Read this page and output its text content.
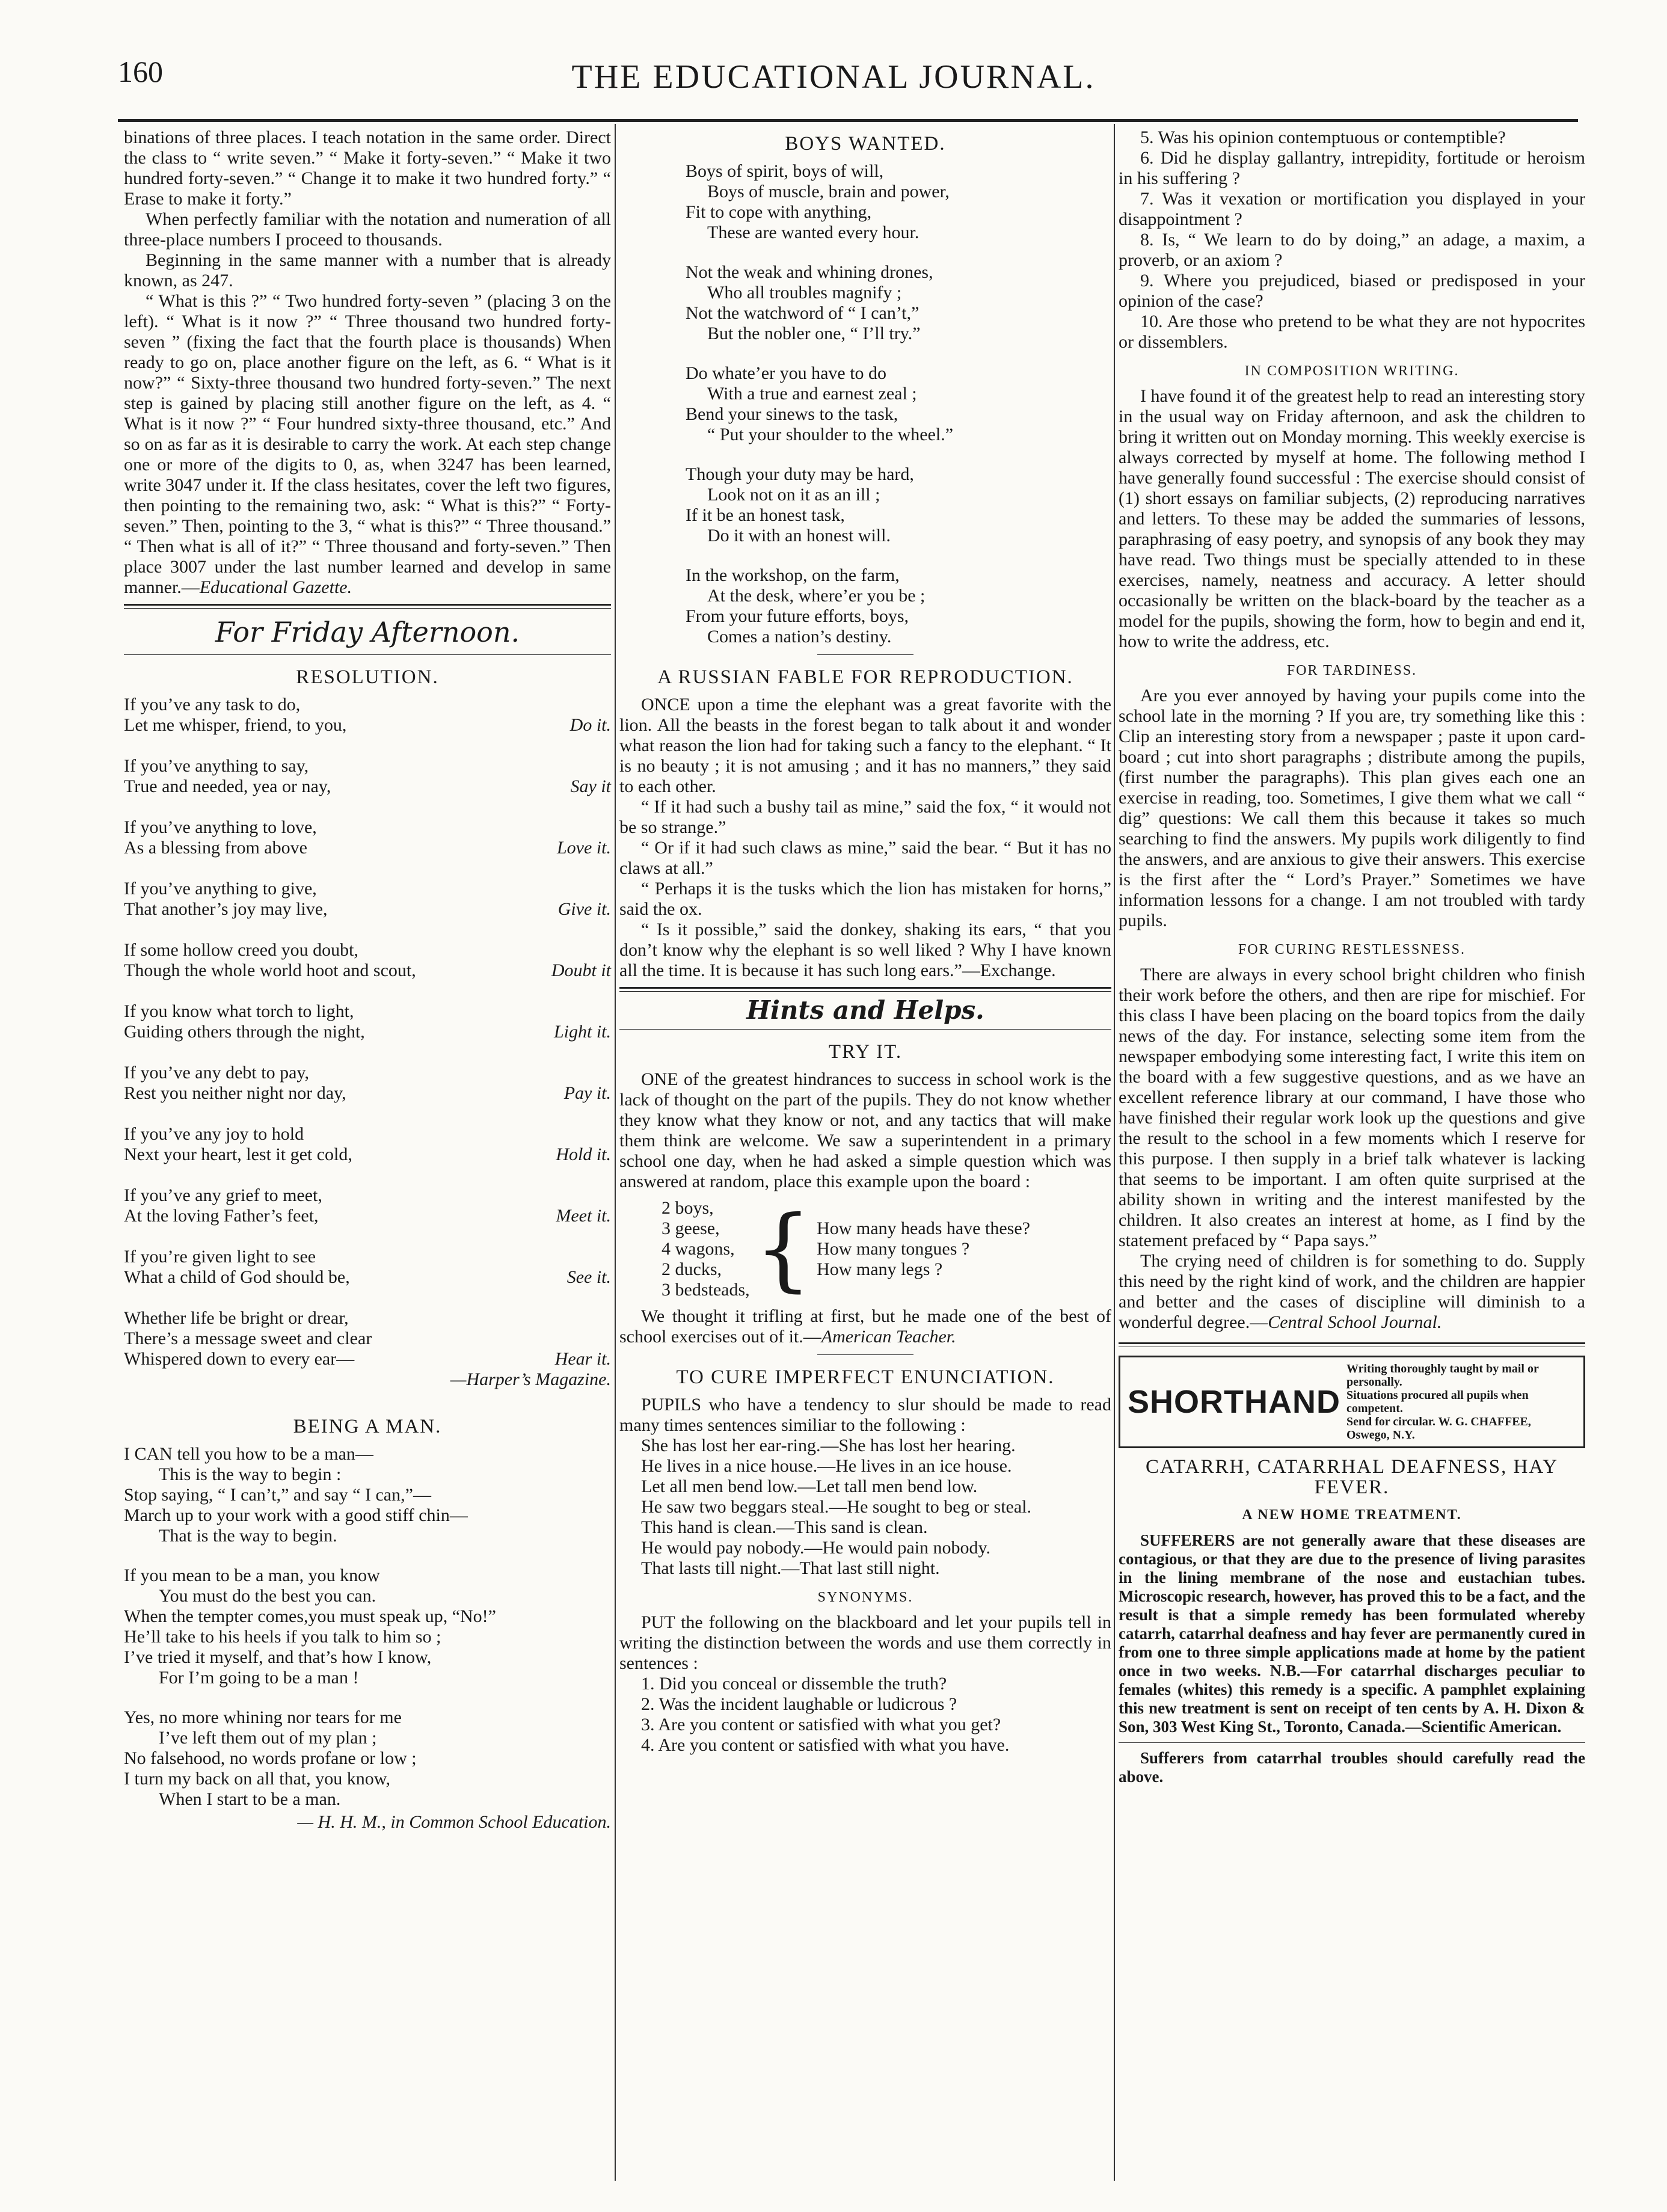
160	THE EDUCATIONAL JOURNAL.

binations of three places. I teach notation in the same order. Direct the class to “ write seven.” “ Make it forty-seven.” “ Make it two hundred forty-seven.” “ Change it to make it two hundred forty.” “ Erase to make it forty.”

When perfectly familiar with the notation and numeration of all three-place numbers I proceed to thousands.

Beginning in the same manner with a number that is already known, as 247.

“ What is this ?” “ Two hundred forty-seven ” (placing 3 on the left). “ What is it now ?” “ Three thousand two hundred forty-seven ” (fixing the fact that the fourth place is thousands) When ready to go on, place another figure on the left, as 6. “ What is it now?” “ Sixty-three thousand two hundred forty-seven.” The next step is gained by placing still another figure on the left, as 4. “ What is it now ?” “ Four hundred sixty-three thousand, etc.” And so on as far as it is desirable to carry the work. At each step change one or more of the digits to 0, as, when 3247 has been learned, write 3047 under it. If the class hesitates, cover the left two figures, then pointing to the remaining two, ask: “ What is this?” “ Forty-seven.” Then, pointing to the 3, “ what is this?” “ Three thousand.” “ Then what is all of it?” “ Three thousand and forty-seven.” Then place 3007 under the last number learned and develop in same manner.—Educational Gazette.

For Friday Afternoon.
RESOLUTION.
If you’ve any task to do,
Let me whisper, friend, to you,	Do it.
If you’ve anything to say,
True and needed, yea or nay,	Say it
If you’ve anything to love,
As a blessing from above	Love it.
If you’ve anything to give,
That another’s joy may live,	Give it.
If some hollow creed you doubt,
Though the whole world hoot and scout,	Doubt it
If you know what torch to light,
Guiding others through the night,	Light it.
If you’ve any debt to pay,
Rest you neither night nor day,	Pay it.
If you’ve any joy to hold
Next your heart, lest it get cold,	Hold it.
If you’ve any grief to meet,
At the loving Father’s feet,	Meet it.
If you’re given light to see
What a child of God should be,	See it.
Whether life be bright or drear,
There’s a message sweet and clear
Whispered down to every ear—	Hear it.
—Harper’s Magazine.
BEING A MAN.
I CAN tell you how to be a man—
This is the way to begin :
Stop saying, “ I can’t,” and say “ I can,”—
March up to your work with a good stiff chin—
That is the way to begin.
If you mean to be a man, you know
You must do the best you can.
When the tempter comes,you must speak up, “No!”
He’ll take to his heels if you talk to him so ;
I’ve tried it myself, and that’s how I know,
For I’m going to be a man !
Yes, no more whining nor tears for me
I’ve left them out of my plan ;
No falsehood, no words profane or low ;
I turn my back on all that, you know,
When I start to be a man.
— H. H. M., in Common School Education.
BOYS WANTED.
Boys of spirit, boys of will,
Boys of muscle, brain and power,
Fit to cope with anything,
These are wanted every hour.
Not the weak and whining drones,
Who all troubles magnify ;
Not the watchword of “ I can’t,”
But the nobler one, “ I’ll try.”
Do whate’er you have to do
With a true and earnest zeal ;
Bend your sinews to the task,
“ Put your shoulder to the wheel.”
Though your duty may be hard,
Look not on it as an ill ;
If it be an honest task,
Do it with an honest will.
In the workshop, on the farm,
At the desk, where’er you be ;
From your future efforts, boys,
Comes a nation’s destiny.
A RUSSIAN FABLE FOR REPRODUCTION.

ONCE upon a time the elephant was a great favorite with the lion. All the beasts in the forest began to talk about it and wonder what reason the lion had for taking such a fancy to the elephant. “ It is no beauty ; it is not amusing ; and it has no manners,” they said to each other.

“ If it had such a bushy tail as mine,” said the fox, “ it would not be so strange.”

“ Or if it had such claws as mine,” said the bear. “ But it has no claws at all.”

“ Perhaps it is the tusks which the lion has mistaken for horns,” said the ox.

“ Is it possible,” said the donkey, shaking its ears, “ that you don’t know why the elephant is so well liked ? Why I have known all the time. It is because it has such long ears.”—Exchange.

Hints and Helps.
TRY IT.

ONE of the greatest hindrances to success in school work is the lack of thought on the part of the pupils. They do not know whether they know what they know or not, and any tactics that will make them think are welcome. We saw a superintendent in a primary school one day, when he had asked a simple question which was answered at random, place this example upon the board :

2 boys,
3 geese,
4 wagons,
2 ducks,
3 bedsteads, { How many heads have these?
How many tongues ?
How many legs ?

We thought it trifling at first, but he made one of the best of school exercises out of it.—American Teacher.

TO CURE IMPERFECT ENUNCIATION.

PUPILS who have a tendency to slur should be made to read many times sentences similiar to the following :

She has lost her ear-ring.—She has lost her hearing.

He lives in a nice house.—He lives in an ice house.

Let all men bend low.—Let tall men bend low.

He saw two beggars steal.—He sought to beg or steal.

This hand is clean.—This sand is clean.

He would pay nobody.—He would pain nobody.

That lasts till night.—That last still night.

SYNONYMS.

PUT the following on the blackboard and let your pupils tell in writing the distinction between the words and use them correctly in sentences :

1. Did you conceal or dissemble the truth?

2. Was the incident laughable or ludicrous ?

3. Are you content or satisfied with what you get?

4. Are you content or satisfied with what you have.

5. Was his opinion contemptuous or contemptible?

6. Did he display gallantry, intrepidity, fortitude or heroism in his suffering ?

7. Was it vexation or mortification you displayed in your disappointment ?

8. Is, “ We learn to do by doing,” an adage, a maxim, a proverb, or an axiom ?

9. Where you prejudiced, biased or predisposed in your opinion of the case?

10. Are those who pretend to be what they are not hypocrites or dissemblers.

IN COMPOSITION WRITING.

I have found it of the greatest help to read an interesting story in the usual way on Friday afternoon, and ask the children to bring it written out on Monday morning. This weekly exercise is always corrected by myself at home. The following method I have generally found successful : The exercise should consist of (1) short essays on familiar subjects, (2) reproducing narratives and letters. To these may be added the summaries of lessons, paraphrasing of easy poetry, and synopsis of any book they may have read. Two things must be specially attended to in these exercises, namely, neatness and accuracy. A letter should occasionally be written on the black-board by the teacher as a model for the pupils, showing the form, how to begin and end it, how to write the address, etc.

FOR TARDINESS.

Are you ever annoyed by having your pupils come into the school late in the morning ? If you are, try something like this : Clip an interesting story from a newspaper ; paste it upon card-board ; cut into short paragraphs ; distribute among the pupils, (first number the paragraphs). This plan gives each one an exercise in reading, too. Sometimes, I give them what we call “ dig” questions: We call them this because it takes so much searching to find the answers. My pupils work diligently to find the answers, and are anxious to give their answers. This exercise is the first after the “ Lord’s Prayer.” Sometimes we have information lessons for a change. I am not troubled with tardy pupils.

FOR CURING RESTLESSNESS.

There are always in every school bright children who finish their work before the others, and then are ripe for mischief. For this class I have been placing on the board topics from the daily news of the day. For instance, selecting some item from the newspaper embodying some interesting fact, I write this item on the board with a few suggestive questions, and as we have an excellent reference library at our command, I have those who have finished their regular work look up the questions and give the result to the school in a few moments which I reserve for this purpose. I then supply in a brief talk whatever is lacking that seems to be important. I am often quite surprised at the ability shown in writing and the interest manifested by the children. It also creates an interest at home, as I find by the statement prefaced by “ Papa says.”

The crying need of children is for something to do. Supply this need by the right kind of work, and the children are happier and better and the cases of discipline will diminish to a wonderful degree.—Central School Journal.

SHORTHAND
Writing thoroughly taught by mail or personally.
Situations procured all pupils when competent.
Send for circular. W. G. CHAFFEE, Oswego, N.Y.
CATARRH, CATARRHAL DEAFNESS, HAY FEVER.
A NEW HOME TREATMENT.

SUFFERERS are not generally aware that these diseases are contagious, or that they are due to the presence of living parasites in the lining membrane of the nose and eustachian tubes. Microscopic research, however, has proved this to be a fact, and the result is that a simple remedy has been formulated whereby catarrh, catarrhal deafness and hay fever are permanently cured in from one to three simple applications made at home by the patient once in two weeks. N.B.—For catarrhal discharges peculiar to females (whites) this remedy is a specific. A pamphlet explaining this new treatment is sent on receipt of ten cents by A. H. Dixon & Son, 303 West King St., Toronto, Canada.—Scientific American.

Sufferers from catarrhal troubles should carefully read the above.
